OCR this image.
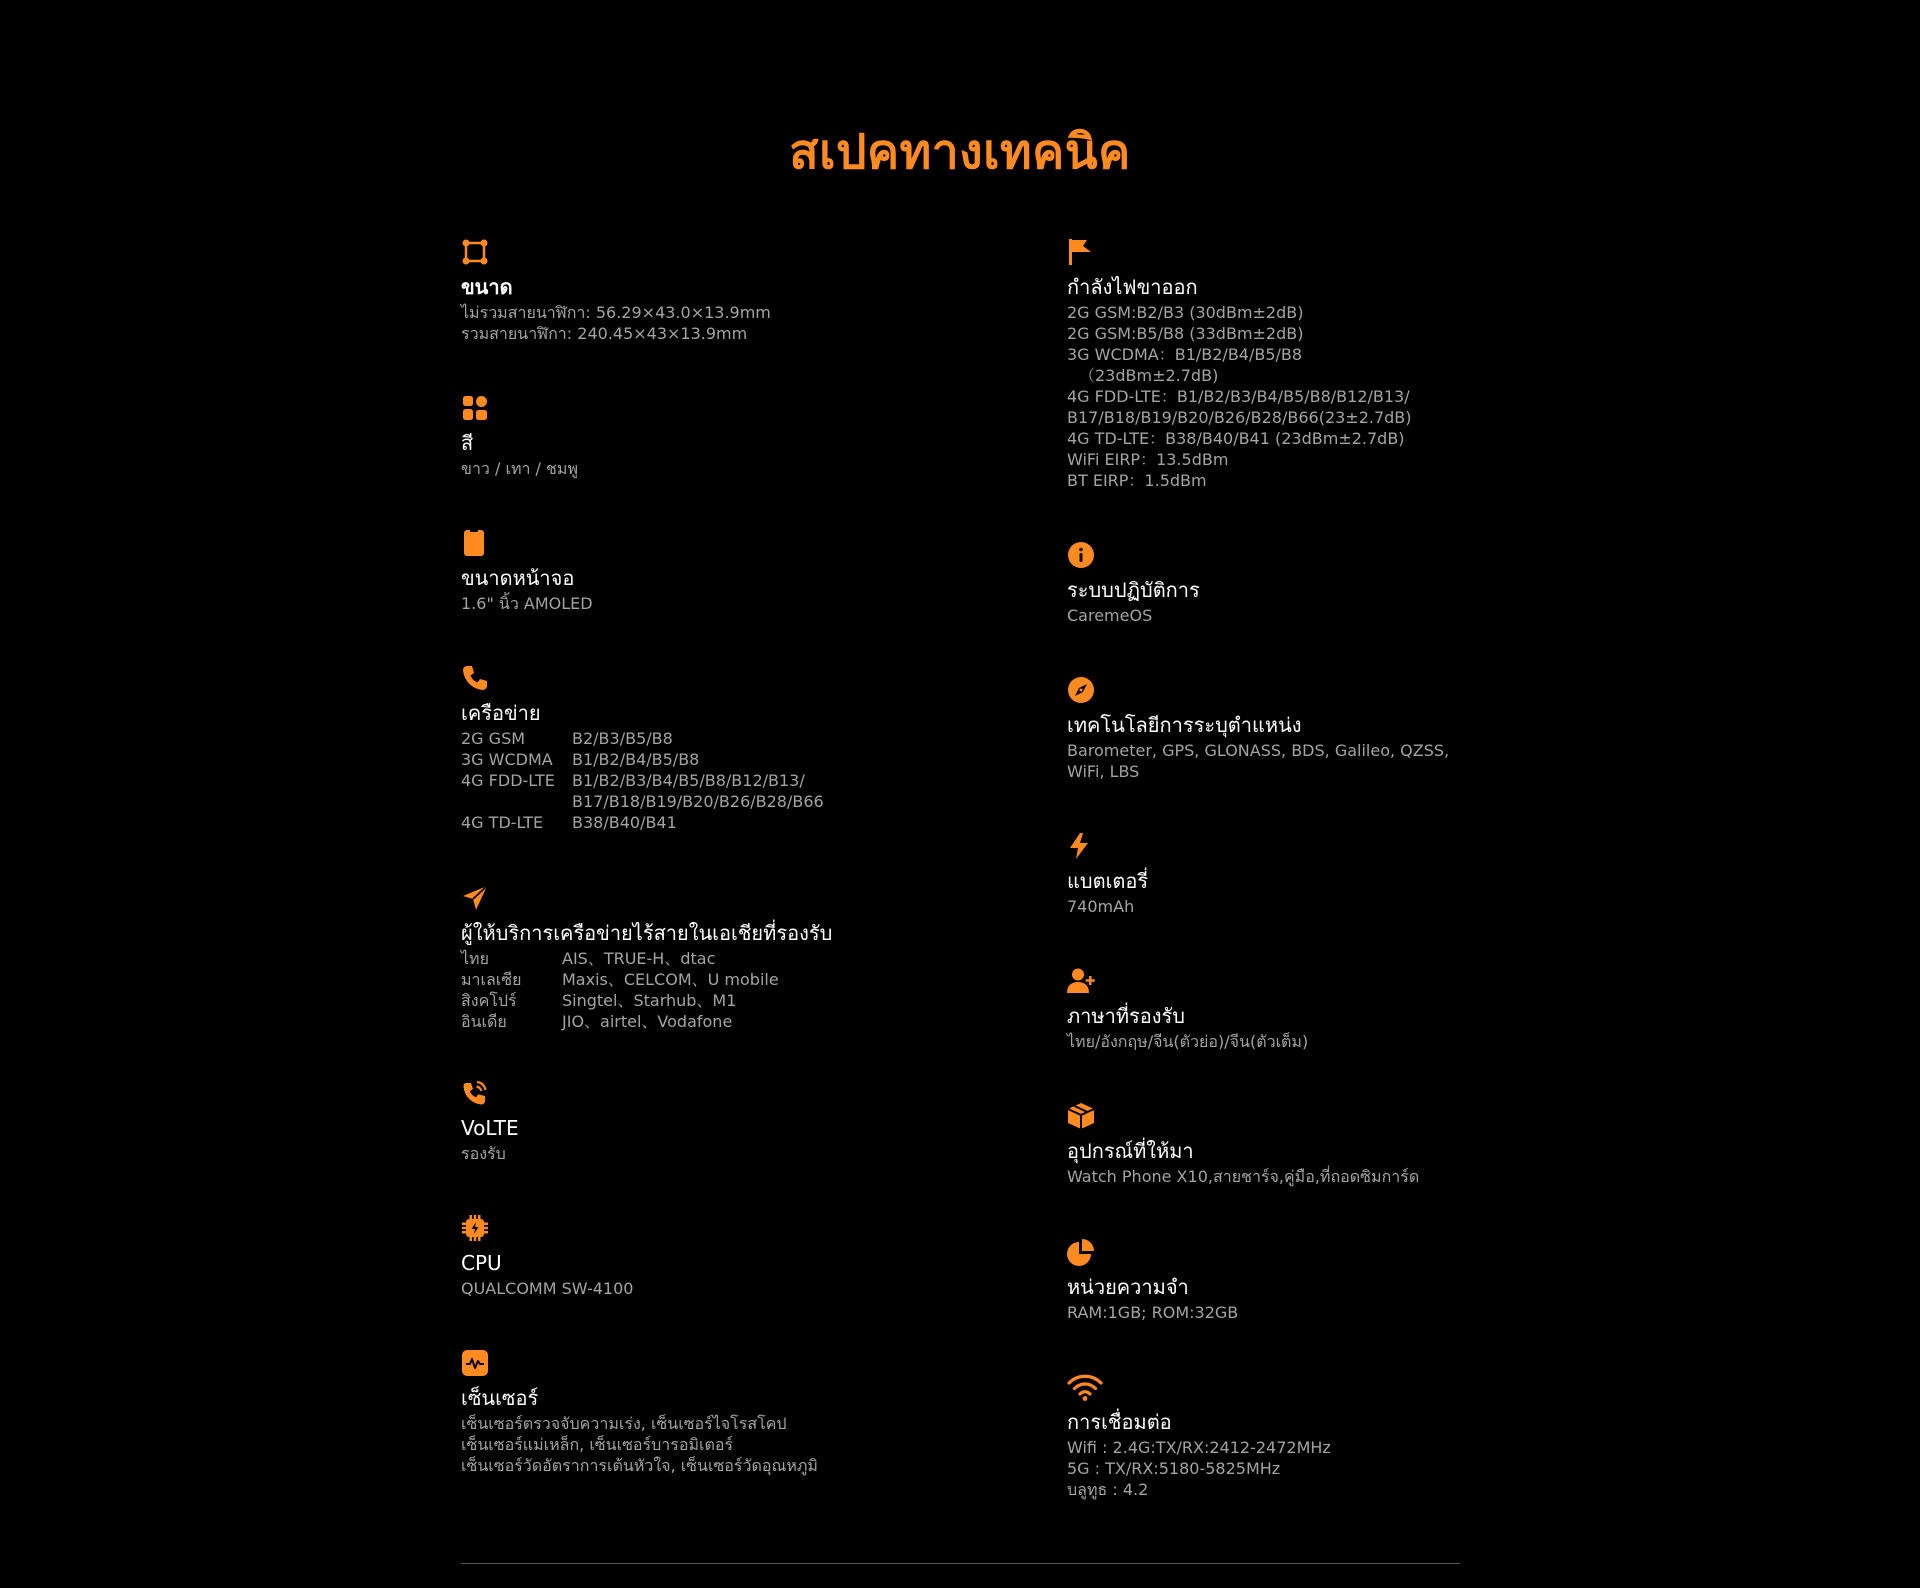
สเปคทางเทคนิค
ขนาด
ไม่รวมสายนาฬิกา: 56.29×43.0×13.9mm
รวมสายนาฬิกา: 240.45×43×13.9mm
สี
ขาว / เทา / ชมพู
ขนาดหน้าจอ
1.6" นิ้ว AMOLED
เครือข่าย
2G GSM	B2/B3/B5/B8
3G WCDMA	B1/B2/B4/B5/B8
4G FDD-LTE	B1/B2/B3/B4/B5/B8/B12/B13/
B17/B18/B19/B20/B26/B28/B66
4G TD-LTE	B38/B40/B41
ผู้ให้บริการเครือข่ายไร้สายในเอเชียที่รองรับ
ไทย	AIS、TRUE-H、dtac
มาเลเซีย	Maxis、CELCOM、U mobile
สิงคโปร์	Singtel、Starhub、M1
อินเดีย	JIO、airtel、Vodafone
VoLTE
รองรับ
CPU
QUALCOMM SW-4100
เซ็นเซอร์
เซ็นเซอร์ตรวจจับความเร่ง, เซ็นเซอร์ไจโรสโคป
เซ็นเซอร์แม่เหล็ก, เซ็นเซอร์บารอมิเตอร์
เซ็นเซอร์วัดอัตราการเต้นหัวใจ, เซ็นเซอร์วัดอุณหภูมิ
กำลังไฟขาออก
2G GSM:B2/B3 (30dBm±2dB)
2G GSM:B5/B8 (33dBm±2dB)
3G WCDMA：B1/B2/B4/B5/B8
（23dBm±2.7dB)
4G FDD-LTE：B1/B2/B3/B4/B5/B8/B12/B13/
B17/B18/B19/B20/B26/B28/B66(23±2.7dB)
4G TD-LTE：B38/B40/B41 (23dBm±2.7dB)
WiFi EIRP：13.5dBm
BT EIRP：1.5dBm
ระบบปฏิบัติการ
CaremeOS
เทคโนโลยีการระบุตำแหน่ง
Barometer, GPS, GLONASS, BDS, Galileo, QZSS,
WiFi, LBS
แบตเตอรี่
740mAh
ภาษาที่รองรับ
ไทย/อังกฤษ/จีน(ตัวย่อ)/จีน(ตัวเต็ม)
อุปกรณ์ที่ให้มา
Watch Phone X10,สายชาร์จ,คู่มือ,ที่ถอดซิมการ์ด
หน่วยความจำ
RAM:1GB; ROM:32GB
การเชื่อมต่อ
Wifi : 2.4G:TX/RX:2412-2472MHz
5G : TX/RX:5180-5825MHz
บลูทูธ : 4.2
